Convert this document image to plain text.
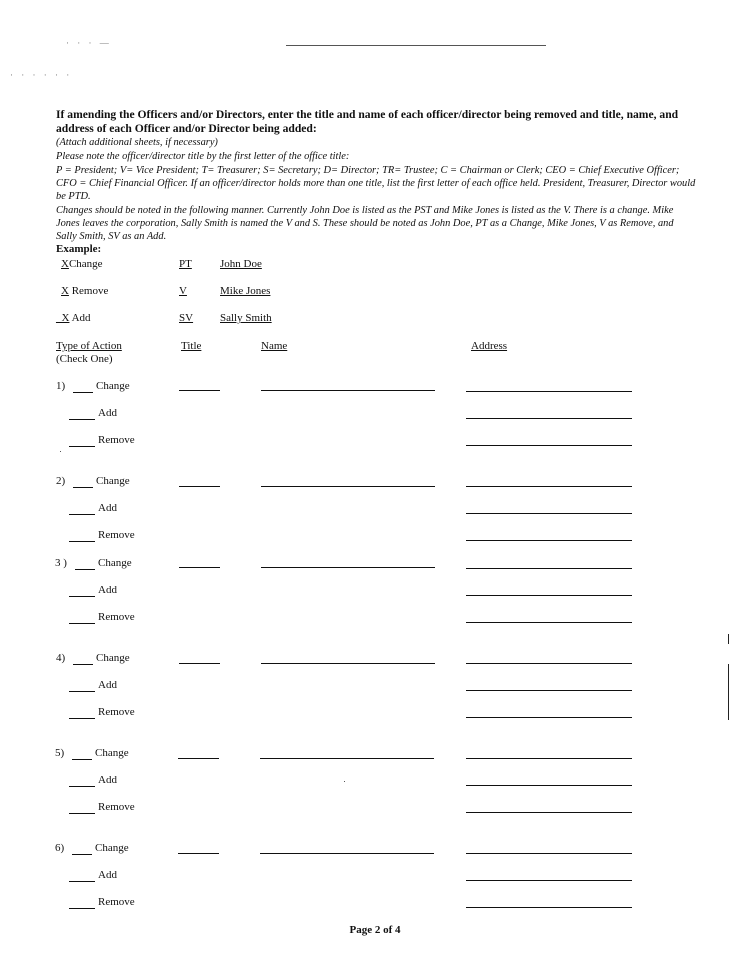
· · · —
· · · · · ·
If amending the Officers and/or Directors, enter the title and name of each officer/director being removed and title, name, and address of each Officer and/or Director being added:
(Attach additional sheets, if necessary)
Please note the officer/director title by the first letter of the office title:
P = President; V= Vice President; T= Treasurer; S= Secretary; D= Director; TR= Trustee; C = Chairman or Clerk; CEO = Chief Executive Officer; CFO = Chief Financial Officer. If an officer/director holds more than one title, list the first letter of each office held. President, Treasurer, Director would be PTD.
Changes should be noted in the following manner. Currently John Doe is listed as the PST and Mike Jones is listed as the V. There is a change. Mike Jones leaves the corporation, Sally Smith is named the V and S. These should be noted as John Doe, PT as a Change, Mike Jones, V as Remove, and Sally Smith, SV as an Add.
Example:
XChange	PT	John Doe
X Remove	V	Mike Jones
_X Add	SV Sally Smith
Type of Action
(Check One)
Title	Name	Address
1)	Change
Add
Remove
2)	Change
Add
Remove
3 )	Change
Add
Remove
4)	Change
Add
Remove
5)	Change
Add
Remove
6)	Change
Add
Remove
Page 2 of 4
